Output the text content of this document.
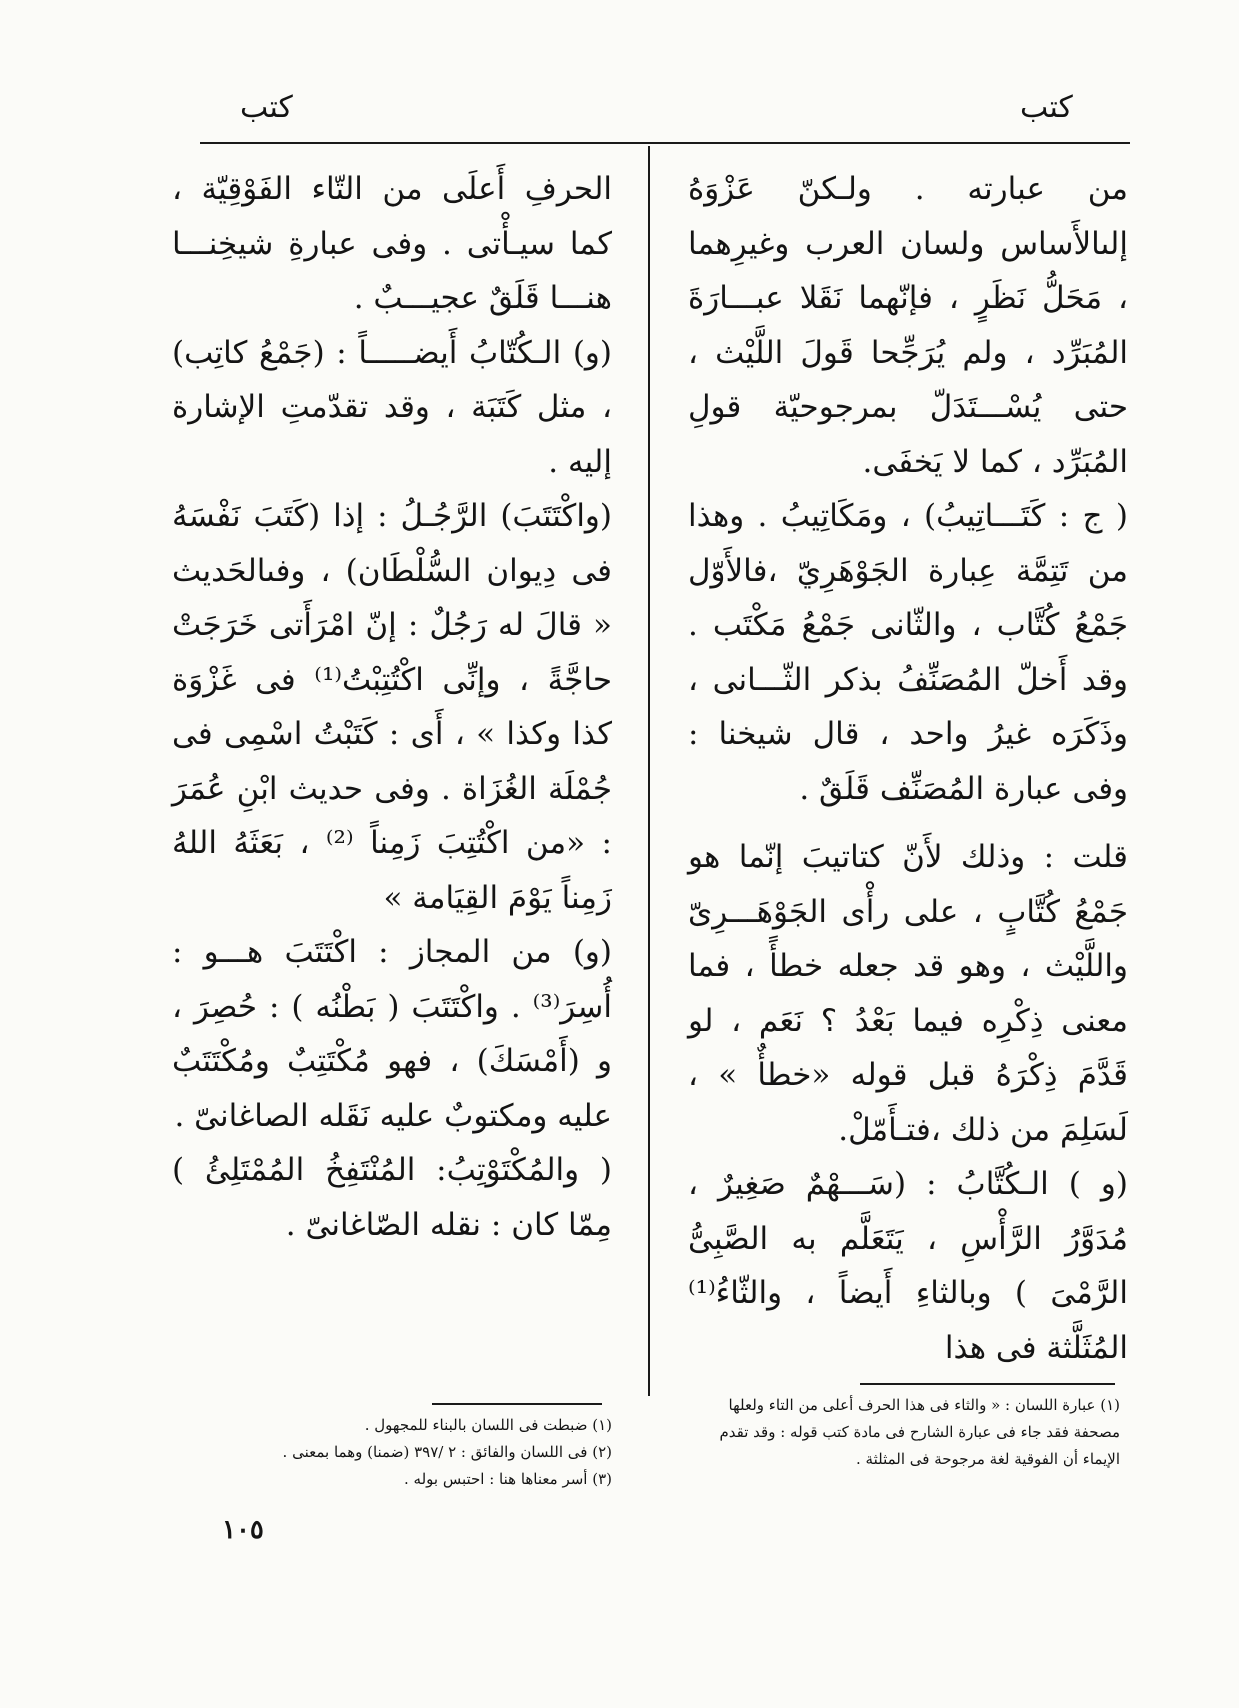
كتب	كتب

من عبارته . ولـكنّ عَزْوَهُ إلىالأَساس ولسان العرب وغيرِهما ، مَحَلُّ نَظَرٍ ، فإنّهما نَقَلا عبـــارَةَ المُبَرِّد ، ولم يُرَجِّحا قَولَ اللَّيْث ، حتى يُسْـــتَدَلّ بمرجوحيّة قولِ المُبَرِّد ، كما لا يَخفَى.

( ج : كَتَـــاتِيبُ) ، ومَكَاتِيبُ . وهذا من تَتِمَّة عِبارة الجَوْهَرِيّ ،فالأَوّل جَمْعُ كُتَّاب ، والثّانى جَمْعُ مَكْتَب . وقد أَخلّ المُصَنِّفُ بذكر الثّـــانى ، وذَكَرَه غيرُ واحد ، قال شيخنا : وفى عبارة المُصَنِّف قَلَقٌ .

قلت : وذلك لأَنّ كتاتيبَ إنّما هو جَمْعُ كُتَّابٍ ، على رأْى الجَوْهَـــرِىّ واللَّيْث ، وهو قد جعله خطأً ، فما معنى ذِكْرِه فيما بَعْدُ ؟ نَعَم ، لو قَدَّمَ ذِكْرَهُ قبل قوله «خطأٌ » ، لَسَلِمَ من ذلك ،فتـأَمّلْ.

(و ) الـكُتَّابُ : (سَـــهْمٌ صَغِيرٌ ، مُدَوَّرُ الرَّأْسِ ، يَتَعَلَّم به الصَّبِىُّ الرَّمْىَ ) وبالثاءِ أَيضاً ، والثّاءُ⁽¹⁾ المُثَلَّثة فى هذا

الحرفِ أَعلَى من التّاء الفَوْقِيّة ، كما سيـأْتى . وفى عبارةِ شيخِنـــا هنـــا قَلَقٌ عجيـــبٌ .

(و) الـكُتّابُ أَيضـــــاً : (جَمْعُ كاتِب) ، مثل كَتَبَة ، وقد تقدّمتِ الإشارة إليه .

(واكْتَتَبَ) الرَّجُـلُ : إذا (كَتَبَ نَفْسَهُ فى دِيوان السُّلْطَان) ، وفىالحَديث « قالَ له رَجُلٌ : إنّ امْرَأَتى خَرَجَتْ حاجَّةً ، وإنِّى اكْتُتِبْتُ⁽¹⁾ فى غَزْوَة كذا وكذا » ، أَى : كَتَبْتُ اسْمِى فى جُمْلَة الغُزَاة . وفى حديث ابْنِ عُمَرَ : «من اكْتُتِبَ زَمِناً ⁽²⁾ ، بَعَثَهُ اللهُ زَمِناً يَوْمَ القِيَامة »

(و) من المجاز : اكْتَتَبَ هـــو : أُسِرَ⁽³⁾ . واكْتَتَبَ ( بَطْنُه ) : حُصِرَ ، و (أَمْسَكَ) ، فهو مُكْتَتِبٌ ومُكْتَتَبٌ عليه ومكتوبٌ عليه نَقَله الصاغانىّ .

( والمُكْتَوْتِبُ: المُنْتَفِخُ المُمْتَلِئُ ) مِمّا كان : نقله الصّاغانىّ .

(١) عبارة اللسان : « والثاء فى هذا الحرف أعلى من التاء ولعلها مصحفة فقد جاء فى عبارة الشارح فى مادة كتب قوله : وقد تقدم الإيماء أن الفوقية لغة مرجوحة فى المثلثة .
(١) ضبطت فى اللسان بالبناء للمجهول .
(٢) فى اللسان والفائق : ٢ /٣٩٧ (ضمنا) وهما بمعنى .
(٣) أسر معناها هنا : احتبس بوله .
١٠٥
